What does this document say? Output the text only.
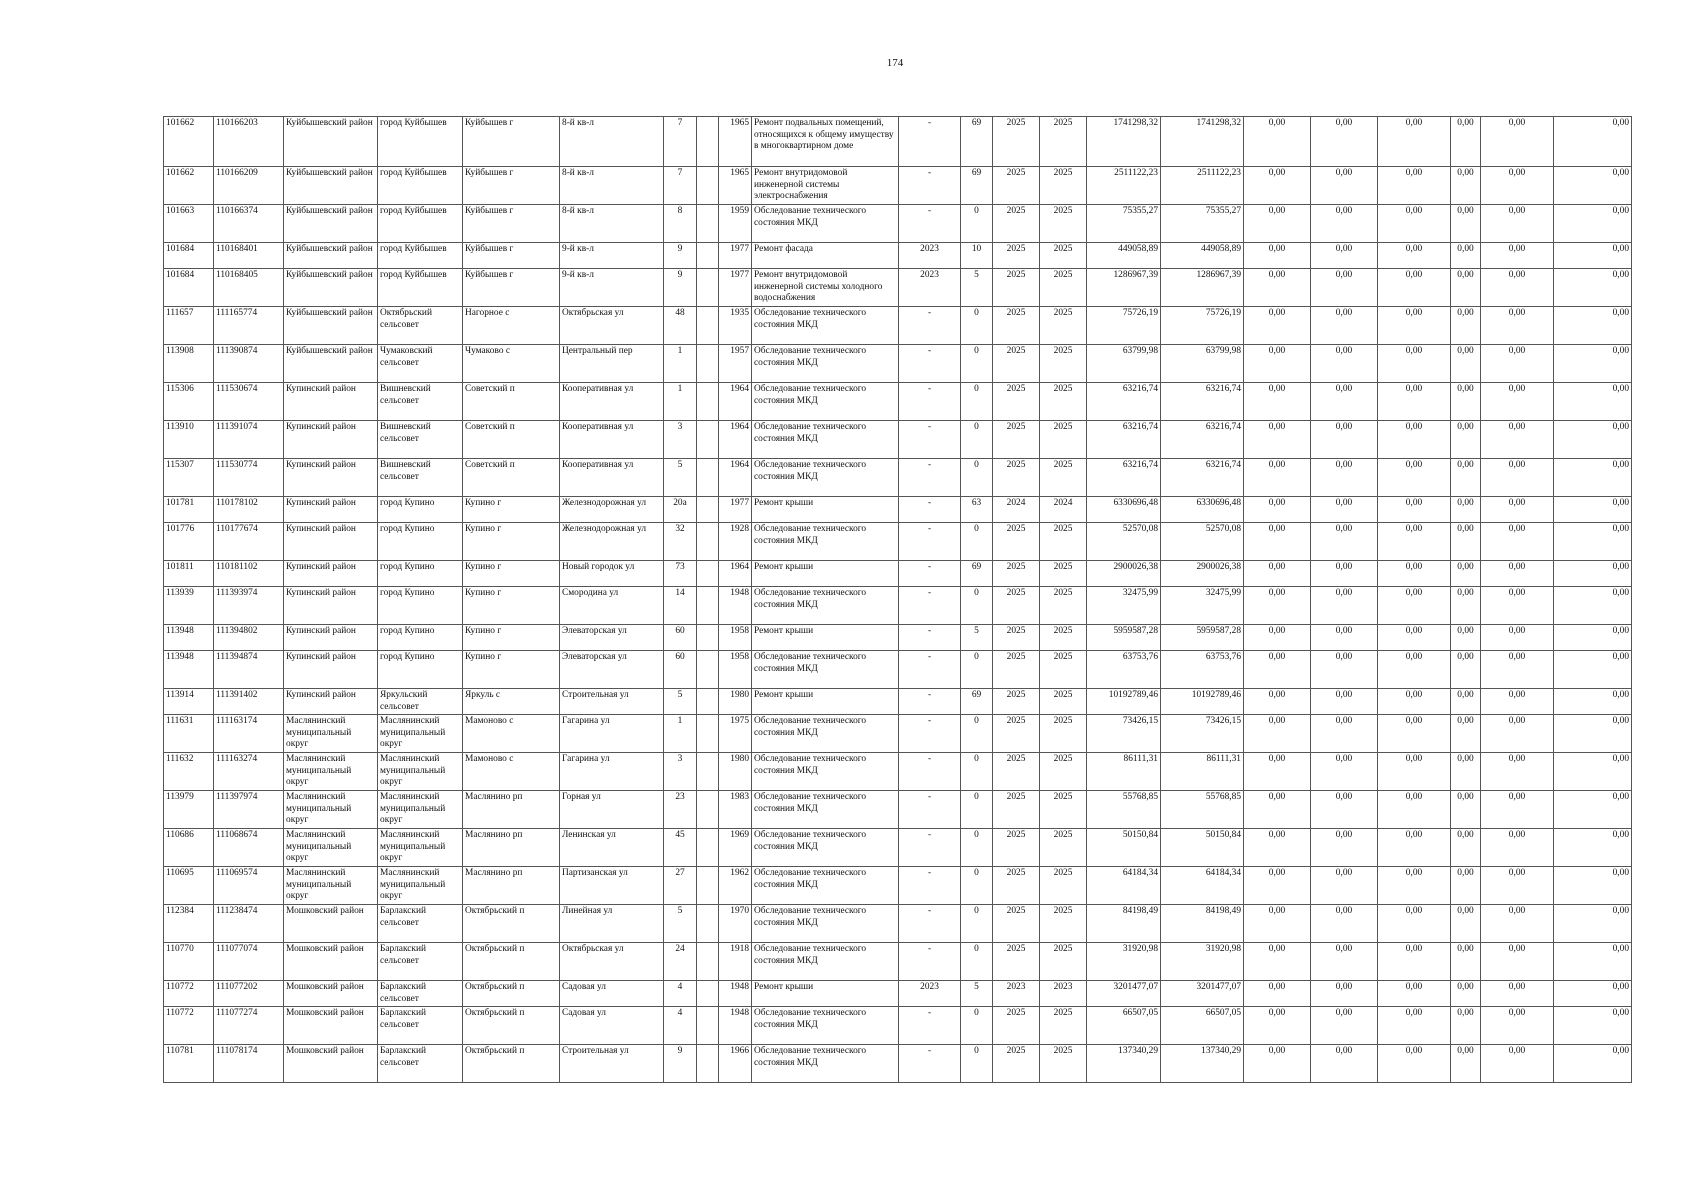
174
101662	110166203	Куйбышевский район	город Куйбышев	Куйбышев г	8-й кв-л	7		1965	Ремонт подвальных помещений, относящихся к общему имуществу в многоквартирном доме	-	69	2025	2025	1741298,32	1741298,32	0,00	0,00	0,00	0,00	0,00	0,00
101662	110166209	Куйбышевский район	город Куйбышев	Куйбышев г	8-й кв-л	7		1965	Ремонт внутридомовой инженерной системы электроснабжения	-	69	2025	2025	2511122,23	2511122,23	0,00	0,00	0,00	0,00	0,00	0,00
101663	110166374	Куйбышевский район	город Куйбышев	Куйбышев г	8-й кв-л	8		1959	Обследование технического состояния МКД	-	0	2025	2025	75355,27	75355,27	0,00	0,00	0,00	0,00	0,00	0,00
101684	110168401	Куйбышевский район	город Куйбышев	Куйбышев г	9-й кв-л	9		1977	Ремонт фасада	2023	10	2025	2025	449058,89	449058,89	0,00	0,00	0,00	0,00	0,00	0,00
101684	110168405	Куйбышевский район	город Куйбышев	Куйбышев г	9-й кв-л	9		1977	Ремонт внутридомовой инженерной системы холодного водоснабжения	2023	5	2025	2025	1286967,39	1286967,39	0,00	0,00	0,00	0,00	0,00	0,00
111657	111165774	Куйбышевский район	Октябрьский сельсовет	Нагорное с	Октябрьская ул	48		1935	Обследование технического состояния МКД	-	0	2025	2025	75726,19	75726,19	0,00	0,00	0,00	0,00	0,00	0,00
113908	111390874	Куйбышевский район	Чумаковский сельсовет	Чумаково с	Центральный пер	1		1957	Обследование технического состояния МКД	-	0	2025	2025	63799,98	63799,98	0,00	0,00	0,00	0,00	0,00	0,00
115306	111530674	Купинский район	Вишневский сельсовет	Советский п	Кооперативная ул	1		1964	Обследование технического состояния МКД	-	0	2025	2025	63216,74	63216,74	0,00	0,00	0,00	0,00	0,00	0,00
113910	111391074	Купинский район	Вишневский сельсовет	Советский п	Кооперативная ул	3		1964	Обследование технического состояния МКД	-	0	2025	2025	63216,74	63216,74	0,00	0,00	0,00	0,00	0,00	0,00
115307	111530774	Купинский район	Вишневский сельсовет	Советский п	Кооперативная ул	5		1964	Обследование технического состояния МКД	-	0	2025	2025	63216,74	63216,74	0,00	0,00	0,00	0,00	0,00	0,00
101781	110178102	Купинский район	город Купино	Купино г	Железнодорожная ул	20а		1977	Ремонт крыши	-	63	2024	2024	6330696,48	6330696,48	0,00	0,00	0,00	0,00	0,00	0,00
101776	110177674	Купинский район	город Купино	Купино г	Железнодорожная ул	32		1928	Обследование технического состояния МКД	-	0	2025	2025	52570,08	52570,08	0,00	0,00	0,00	0,00	0,00	0,00
101811	110181102	Купинский район	город Купино	Купино г	Новый городок ул	73		1964	Ремонт крыши	-	69	2025	2025	2900026,38	2900026,38	0,00	0,00	0,00	0,00	0,00	0,00
113939	111393974	Купинский район	город Купино	Купино г	Смородина ул	14		1948	Обследование технического состояния МКД	-	0	2025	2025	32475,99	32475,99	0,00	0,00	0,00	0,00	0,00	0,00
113948	111394802	Купинский район	город Купино	Купино г	Элеваторская ул	60		1958	Ремонт крыши	-	5	2025	2025	5959587,28	5959587,28	0,00	0,00	0,00	0,00	0,00	0,00
113948	111394874	Купинский район	город Купино	Купино г	Элеваторская ул	60		1958	Обследование технического состояния МКД	-	0	2025	2025	63753,76	63753,76	0,00	0,00	0,00	0,00	0,00	0,00
113914	111391402	Купинский район	Яркульский сельсовет	Яркуль с	Строительная ул	5		1980	Ремонт крыши	-	69	2025	2025	10192789,46	10192789,46	0,00	0,00	0,00	0,00	0,00	0,00
111631	111163174	Маслянинский муниципальный округ	Маслянинский муниципальный округ	Мамоново с	Гагарина ул	1		1975	Обследование технического состояния МКД	-	0	2025	2025	73426,15	73426,15	0,00	0,00	0,00	0,00	0,00	0,00
111632	111163274	Маслянинский муниципальный округ	Маслянинский муниципальный округ	Мамоново с	Гагарина ул	3		1980	Обследование технического состояния МКД	-	0	2025	2025	86111,31	86111,31	0,00	0,00	0,00	0,00	0,00	0,00
113979	111397974	Маслянинский муниципальный округ	Маслянинский муниципальный округ	Маслянино рп	Горная ул	23		1983	Обследование технического состояния МКД	-	0	2025	2025	55768,85	55768,85	0,00	0,00	0,00	0,00	0,00	0,00
110686	111068674	Маслянинский муниципальный округ	Маслянинский муниципальный округ	Маслянино рп	Ленинская ул	45		1969	Обследование технического состояния МКД	-	0	2025	2025	50150,84	50150,84	0,00	0,00	0,00	0,00	0,00	0,00
110695	111069574	Маслянинский муниципальный округ	Маслянинский муниципальный округ	Маслянино рп	Партизанская ул	27		1962	Обследование технического состояния МКД	-	0	2025	2025	64184,34	64184,34	0,00	0,00	0,00	0,00	0,00	0,00
112384	111238474	Мошковский район	Барлакский сельсовет	Октябрьский п	Линейная ул	5		1970	Обследование технического состояния МКД	-	0	2025	2025	84198,49	84198,49	0,00	0,00	0,00	0,00	0,00	0,00
110770	111077074	Мошковский район	Барлакский сельсовет	Октябрьский п	Октябрьская ул	24		1918	Обследование технического состояния МКД	-	0	2025	2025	31920,98	31920,98	0,00	0,00	0,00	0,00	0,00	0,00
110772	111077202	Мошковский район	Барлакский сельсовет	Октябрьский п	Садовая ул	4		1948	Ремонт крыши	2023	5	2023	2023	3201477,07	3201477,07	0,00	0,00	0,00	0,00	0,00	0,00
110772	111077274	Мошковский район	Барлакский сельсовет	Октябрьский п	Садовая ул	4		1948	Обследование технического состояния МКД	-	0	2025	2025	66507,05	66507,05	0,00	0,00	0,00	0,00	0,00	0,00
110781	111078174	Мошковский район	Барлакский сельсовет	Октябрьский п	Строительная ул	9		1966	Обследование технического состояния МКД	-	0	2025	2025	137340,29	137340,29	0,00	0,00	0,00	0,00	0,00	0,00
